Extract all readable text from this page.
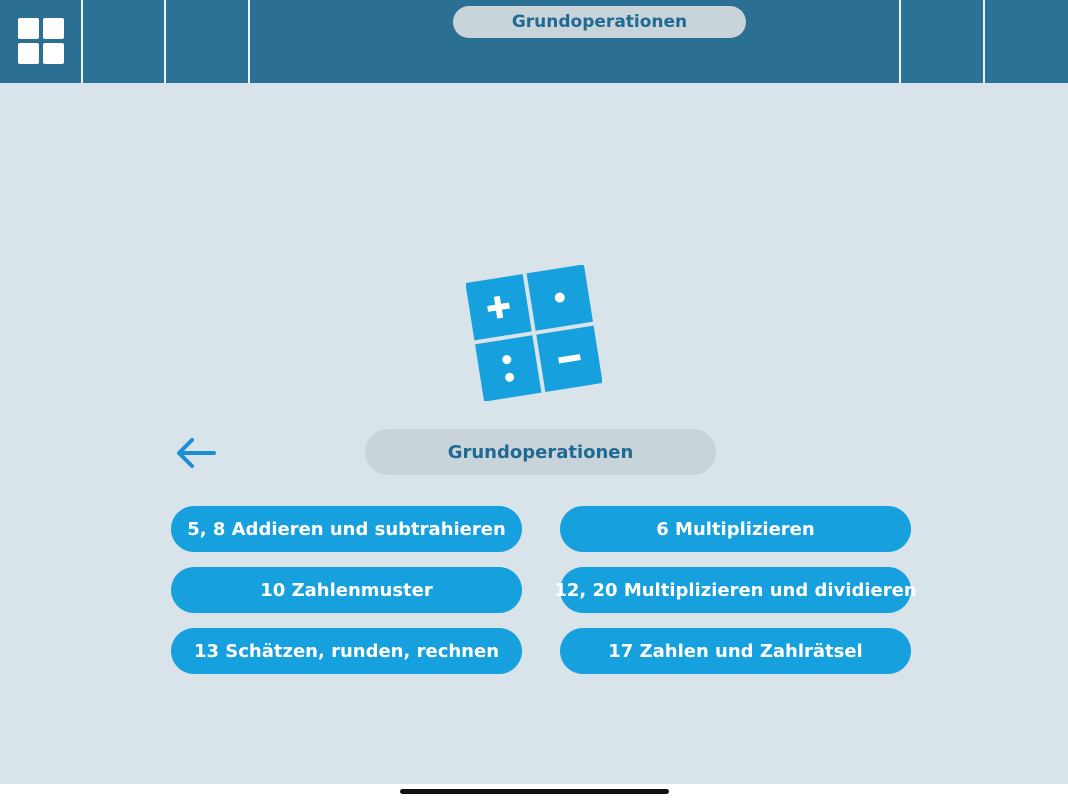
Grundoperationen
Grundoperationen
5, 8 Addieren und subtrahieren	6 Multiplizieren
10 Zahlenmuster	12, 20 Multiplizieren und dividieren
13 Schätzen, runden, rechnen	17 Zahlen und Zahlrätsel
